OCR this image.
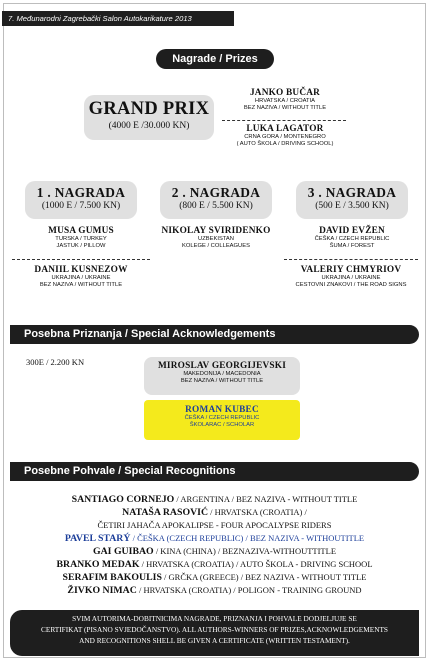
7. Međunarodni Zagrebački Salon Autokarikature 2013
Nagrade / Prizes
GRAND PRIX
(4000 E /30.000 KN)
JANKO BUČAR
HRVATSKA / CROATIA
BEZ NAZIVA / WITHOUT TITLE
LUKA LAGATOR
CRNA GORA / MONTENEGRO
( AUTO ŠKOLA / DRIVING SCHOOL)
1 . NAGRADA
(1000 E / 7.500 KN)
2 . NAGRADA
(800 E / 5.500 KN)
3 . NAGRADA
(500 E / 3.500 KN)
MUSA GUMUS
TURSKA / TURKEY
JASTUK / PILLOW
DANIIL KUSNEZOW
UKRAJINA / UKRAINE
BEZ NAZIVA / WITHOUT TITLE
NIKOLAY SVIRIDENKO
UZBEKISTAN
KOLEGE / COLLEAGUES
DAVID EVŽEN
ČEŠKA / CZECH REPUBLIC
ŠUMA / FOREST
VALERIY CHMYRIOV
UKRAJINA / UKRAINE
CESTOVNI ZNAKOVI / THE ROAD SIGNS
Posebna Priznanja / Special Acknowledgements
300E / 2.200 KN	MIROSLAV GEORGIJEVSKI
MAKEDONIJA / MACEDONIA
BEZ NAZIVA / WITHOUT TITLE
ROMAN KUBEC
ČEŠKA / CZECH REPUBLIC
ŠKOLARAC / SCHOLAR
Posebne Pohvale / Special Recognitions
SANTIAGO CORNEJO / ARGENTINA / BEZ NAZIVA - WITHOUT TITLE
NATAŠA RASOVIĆ / HRVATSKA (CROATIA) /
ČETIRI JAHAČA APOKALIPSE - FOUR APOCALYPSE RIDERS
PAVEL STARÝ / ČEŠKA (CZECH REPUBLIC) / BEZ NAZIVA - WITHOUTITLE
GAI GUIBAO / KINA (CHINA) / BEZNAZIVA-WITHOUTTITLE
BRANKO MEDAK / HRVATSKA (CROATIA) / AUTO ŠKOLA - DRIVING SCHOOL
SERAFIM BAKOULIS / GRČKA (GREECE) / BEZ NAZIVA - WITHOUT TITLE
ŽIVKO NIMAC / HRVATSKA (CROATIA) / POLIGON - TRAINING GROUND
SVIM AUTORIMA-DOBITNICIMA NAGRADE, PRIZNANJA I POHVALE DODJELJUJE SE
CERTIFIKAT (PISANO SVJEDOČANSTVO). ALL AUTHORS-WINNERS OF PRIZES,ACKNOWLEDGEMENTS
AND RECOGNITIONS SHELL BE GIVEN A CERTIFICATE (WRITTEN TESTAMENT).
